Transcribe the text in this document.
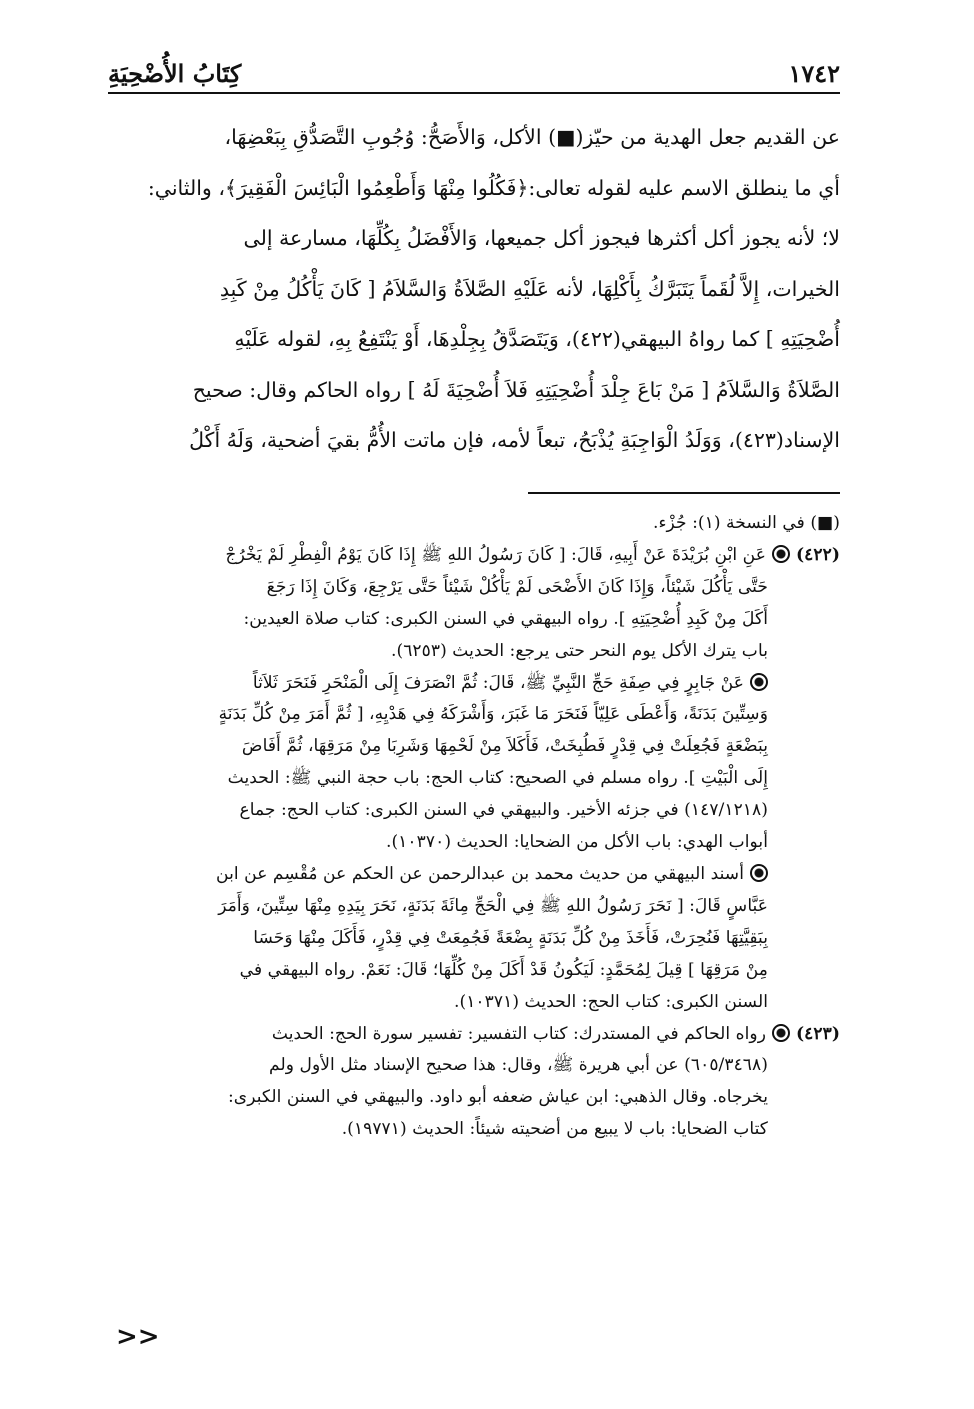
١٧٤٢
كِتَابُ الأُضْحِيَةِ

عن القديم جعل الهدية من حيّز(■) الأكل، وَالأَصَحُّ: وُجُوبِ التَّصَدُّقِ بِبَعْضِهَا،

أي ما ينطلق الاسم عليه لقوله تعالى:﴿فَكُلُوا مِنْهَا وَأَطْعِمُوا الْبَائِسَ الْفَقِيرَ﴾، والثاني:

لا؛ لأنه يجوز أكل أكثرها فيجوز أكل جميعها، وَالأَفْضَلُ بِكُلِّهَا، مسارعة إلى

الخيرات، إِلاَّ لُقَماً يَتَبَرَّكُ بِأَكْلِهَا، لأنه عَلَيْهِ الصَّلاَةُ وَالسَّلاَمُ [ كَانَ يَأْكُلُ مِنْ كَبِدِ

أُضْحِيَتِهِ ] كما رواهُ البيهقي(٤٢٢)، وَيَتَصَدَّقُ بِجِلْدِهَا، أَوْ يَنْتَفِعُ بِهِ، لقوله عَلَيْهِ

الصَّلاَةُ وَالسَّلاَمُ [ مَنْ بَاعَ جِلْدَ أُضْحِيَتِهِ فَلاَ أُضْحِيَةَ لَهُ ] رواه الحاكم وقال: صحيح

الإسناد(٤٢٣)، وَوَلَدُ الْوَاجِبَةِ يُذْبَحُ، تبعاً لأمه، فإن ماتت الأُمُّ بقيَ أضحية، وَلَهُ أَكْلُ

(■) في النسخة (١): جُزْء.

(٤٢٢)عَنِ ابْنِ بُرَيْدَةَ عَنْ أَبِيهِ، قَالَ: [ كَانَ رَسُولُ اللهِ ﷺ إِذَا كَانَ يَوْمُ الْفِطْرِ لَمْ يَخْرُجْ

حَتَّى يَأْكُلَ شَيْئاً، وَإِذَا كَانَ الأَضْحَى لَمْ يَأْكُلْ شَيْئاً حَتَّى يَرْجِعَ، وَكَانَ إِذَا رَجَعَ

أَكَلَ مِنْ كَبِدِ أُضْحِيَتِهِ ]. رواه البيهقي في السنن الكبرى: كتاب صلاة العيدين:

باب يترك الأكل يوم النحر حتى يرجع: الحديث (٦٢٥٣).

عَنْ جَابِرٍ فِي صِفَةِ حَجِّ النَّبِيِّ ﷺ، قَالَ: ثُمَّ انْصَرَفَ إِلَى الْمَنْحَرِ فَنَحَرَ ثَلاَثاً

وَسِتِّينَ بَدَنَةً، وَأَعْطَى عَلِيّاً فَنَحَرَ مَا غَبَرَ، وَأَشْرَكَهُ فِي هَدْيِهِ، [ ثُمَّ أَمَرَ مِنْ كُلِّ بَدَنَةٍ

بِبَضْعَةٍ فَجُعِلَتْ فِي قِدْرٍ فَطُبِخَتْ، فَأَكَلاَ مِنْ لَحْمِهَا وَشَرِبَا مِنْ مَرَقِهَا، ثُمَّ أَفَاضَ

إِلَى الْبَيْتِ ]. رواه مسلم في الصحيح: كتاب الحج: باب حجة النبي ﷺ: الحديث

(١٤٧/١٢١٨) في جزئه الأخير. والبيهقي في السنن الكبرى: كتاب الحج: جماع

أبواب الهدي: باب الأكل من الضحايا: الحديث (١٠٣٧٠).

أسند البيهقي من حديث محمد بن عبدالرحمن عن الحكم عن مُقْسِم عن ابن

عَبَّاسٍ قَالَ: [ نَحَرَ رَسُولُ اللهِ ﷺ فِي الْحَجِّ مِائَةَ بَدَنَةٍ، نَحَرَ بِيَدِهِ مِنْهَا سِتِّينَ، وَأَمَرَ

بِبَقِيَّتِهَا فَنُحِرَتْ، فَأَخَذَ مِنْ كُلِّ بَدَنَةٍ بِضْعَةً فَجُمِعَتْ فِي قِدْرٍ، فَأَكَلَ مِنْهَا وَحَسَا

مِنْ مَرَقِهَا ] قِيلَ لِمُحَمَّدٍ: لَيَكُونُ قَدْ أَكَلَ مِنْ كُلِّهَا؛ قَالَ: نَعَمْ. رواه البيهقي في

السنن الكبرى: كتاب الحج: الحديث (١٠٣٧١).

(٤٢٣)رواه الحاكم في المستدرك: كتاب التفسير: تفسير سورة الحج: الحديث

(٦٠٥/٣٤٦٨) عن أبي هريرة ﷺ، وقال: هذا صحيح الإسناد مثل الأول ولم

يخرجاه. وقال الذهبي: ابن عياش ضعفه أبو داود. والبيهقي في السنن الكبرى:

كتاب الضحايا: باب لا يبيع من أضحيته شيئاً: الحديث (١٩٧٧١).

<<
